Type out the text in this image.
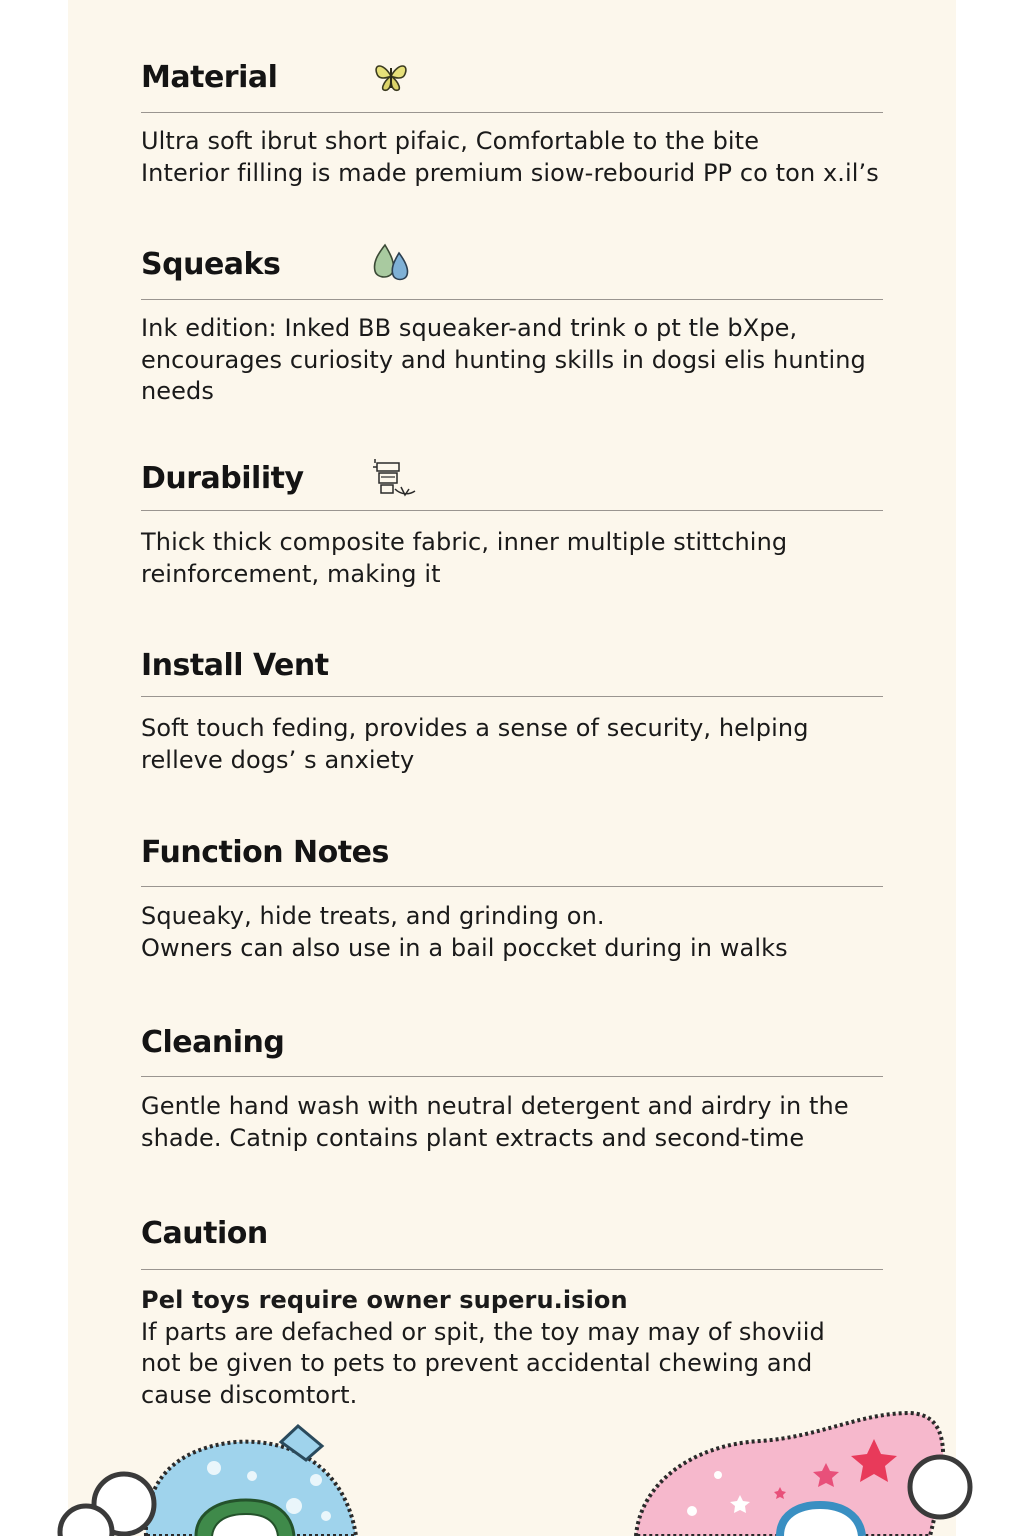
Material
Ultra soft ibrut short pifaic, Comfortable to the bite
Interior filling is made premium siow-rebourid PP co ton x.il’s
Squeaks
Ink edition: Inked BB squeaker-and trink o pt tle bXpe,
encourages curiosity and hunting skills in dogsi elis hunting
needs
Durability
Thick thick composite fabric, inner multiple stittching
reinforcement, making it
Install Vent
Soft touch feding, provides a sense of security, helping
relleve dogs’ s anxiety
Function Notes
Squeaky, hide treats, and grinding on.
Owners can also use in a bail poccket during in walks
Cleaning
Gentle hand wash with neutral detergent and airdry in the
shade. Catnip contains plant extracts and second-time
Caution
Pel toys require owner superu.ision
If parts are defached or spit, the toy may may of shoviid
not be given to pets to prevent accidental chewing and
cause discomtort.
